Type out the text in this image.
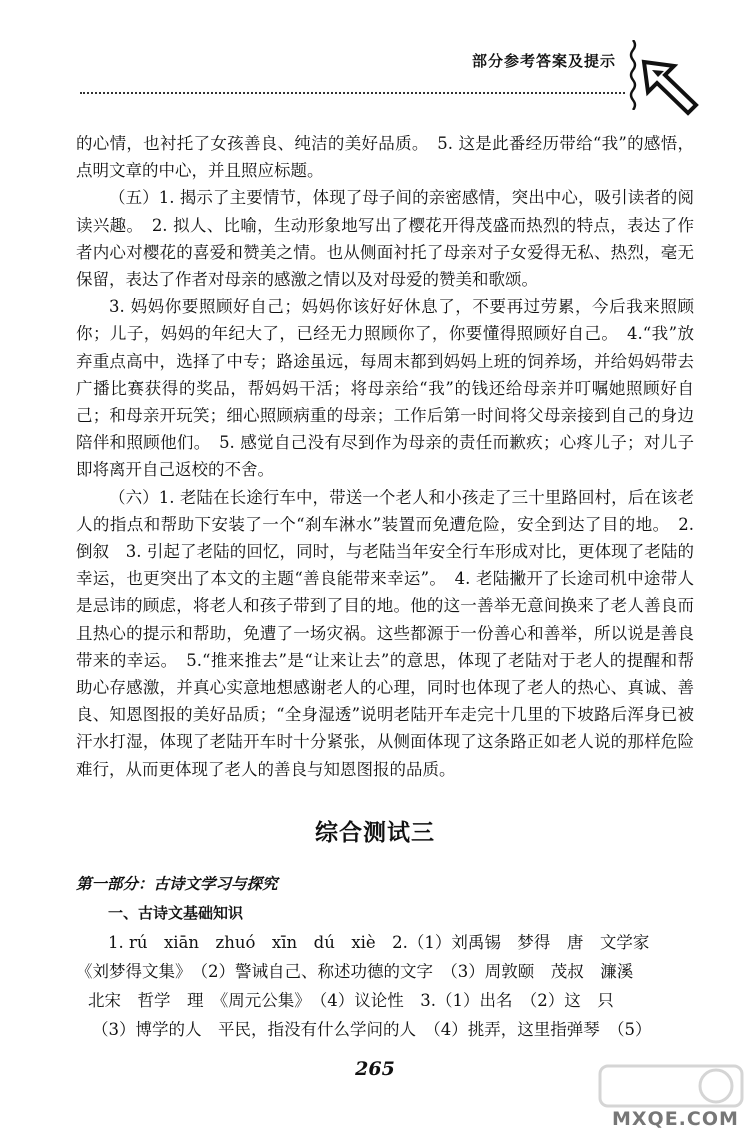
部分参考答案及提示

的心情，也衬托了女孩善良、纯洁的美好品质。　5. 这是此番经历带给“我”的感悟，点明文章的中心，并且照应标题。

（五）1. 揭示了主要情节，体现了母子间的亲密感情，突出中心，吸引读者的阅读兴趣。　2. 拟人、比喻，生动形象地写出了樱花开得茂盛而热烈的特点，表达了作者内心对樱花的喜爱和赞美之情。也从侧面衬托了母亲对子女爱得无私、热烈，毫无保留，表达了作者对母亲的感激之情以及对母爱的赞美和歌颂。

3. 妈妈你要照顾好自己；妈妈你该好好休息了，不要再过劳累，今后我来照顾你；儿子，妈妈的年纪大了，已经无力照顾你了，你要懂得照顾好自己。　4.“我”放弃重点高中，选择了中专；路途虽远，每周末都到妈妈上班的饲养场，并给妈妈带去广播比赛获得的奖品，帮妈妈干活；将母亲给“我”的钱还给母亲并叮嘱她照顾好自己；和母亲开玩笑；细心照顾病重的母亲；工作后第一时间将父母亲接到自己的身边陪伴和照顾他们。　5. 感觉自己没有尽到作为母亲的责任而歉疚；心疼儿子；对儿子即将离开自己返校的不舍。

（六）1. 老陆在长途行车中，带送一个老人和小孩走了三十里路回村，后在该老人的指点和帮助下安装了一个“刹车淋水”装置而免遭危险，安全到达了目的地。　2. 倒叙　3. 引起了老陆的回忆，同时，与老陆当年安全行车形成对比，更体现了老陆的幸运，也更突出了本文的主题“善良能带来幸运”。　4. 老陆撇开了长途司机中途带人是忌讳的顾虑，将老人和孩子带到了目的地。他的这一善举无意间换来了老人善良而且热心的提示和帮助，免遭了一场灾祸。这些都源于一份善心和善举，所以说是善良带来的幸运。　5.“推来推去”是“让来让去”的意思，体现了老陆对于老人的提醒和帮助心存感激，并真心实意地想感谢老人的心理，同时也体现了老人的热心、真诚、善良、知恩图报的美好品质；“全身湿透”说明老陆开车走完十几里的下坡路后浑身已被汗水打湿，体现了老陆开车时十分紧张，从侧面体现了这条路正如老人说的那样危险难行，从而更体现了老人的善良与知恩图报的品质。

综合测试三
第一部分：古诗文学习与探究
一、古诗文基础知识

1. rú　xiān　zhuó　xīn　dú　xiè　2.（1）刘禹锡　梦得　唐　文学家

《刘梦得文集》　（2）警诫自己、称述功德的文字　（3）周敦颐　茂叔　濂溪

北宋　哲学　理　《周元公集》　（4）议论性　3.（1）出名　（2）这　只

（3）博学的人　平民，指没有什么学问的人　（4）挑弄，这里指弹琴　（5）

265
MXQE.COM
